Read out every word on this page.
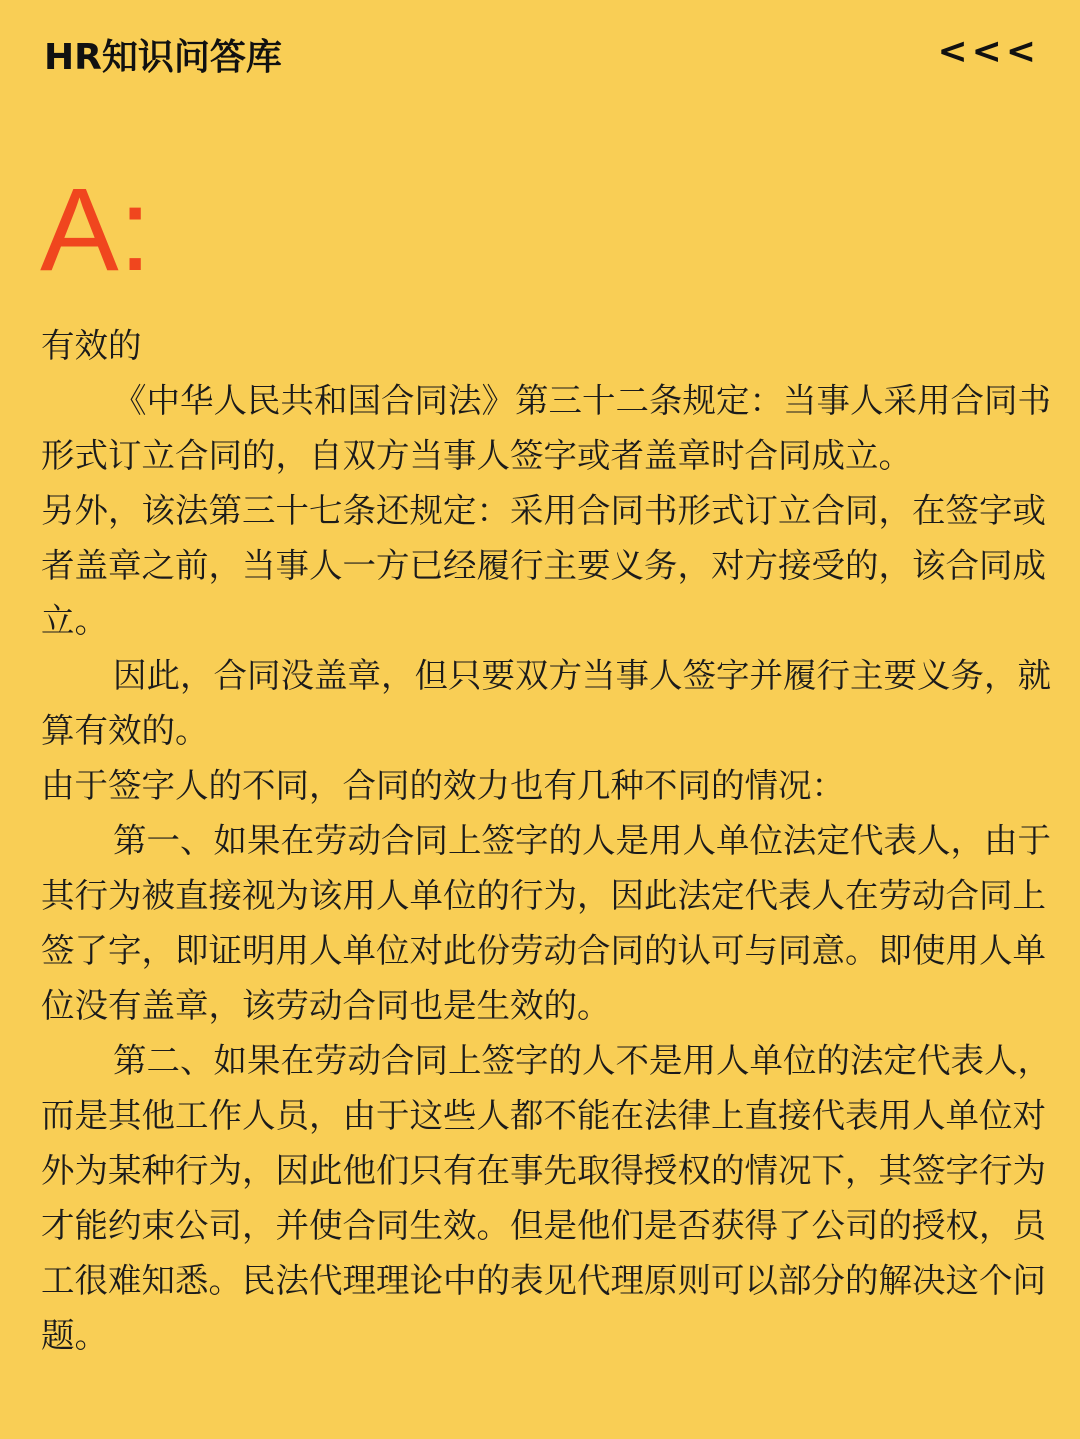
HR知识问答库	<<<
A:

有效的

《中华人民共和国合同法》第三十二条规定：当事人采用合同书形式订立合同的，自双方当事人签字或者盖章时合同成立。

另外，该法第三十七条还规定：采用合同书形式订立合同，在签字或者盖章之前，当事人一方已经履行主要义务，对方接受的，该合同成立。

因此，合同没盖章，但只要双方当事人签字并履行主要义务，就算有效的。

由于签字人的不同，合同的效力也有几种不同的情况：

第一、如果在劳动合同上签字的人是用人单位法定代表人，由于其行为被直接视为该用人单位的行为，因此法定代表人在劳动合同上签了字，即证明用人单位对此份劳动合同的认可与同意。即使用人单位没有盖章，该劳动合同也是生效的。

第二、如果在劳动合同上签字的人不是用人单位的法定代表人，而是其他工作人员，由于这些人都不能在法律上直接代表用人单位对外为某种行为，因此他们只有在事先取得授权的情况下，其签字行为才能约束公司，并使合同生效。但是他们是否获得了公司的授权，员工很难知悉。民法代理理论中的表见代理原则可以部分的解决这个问题。
